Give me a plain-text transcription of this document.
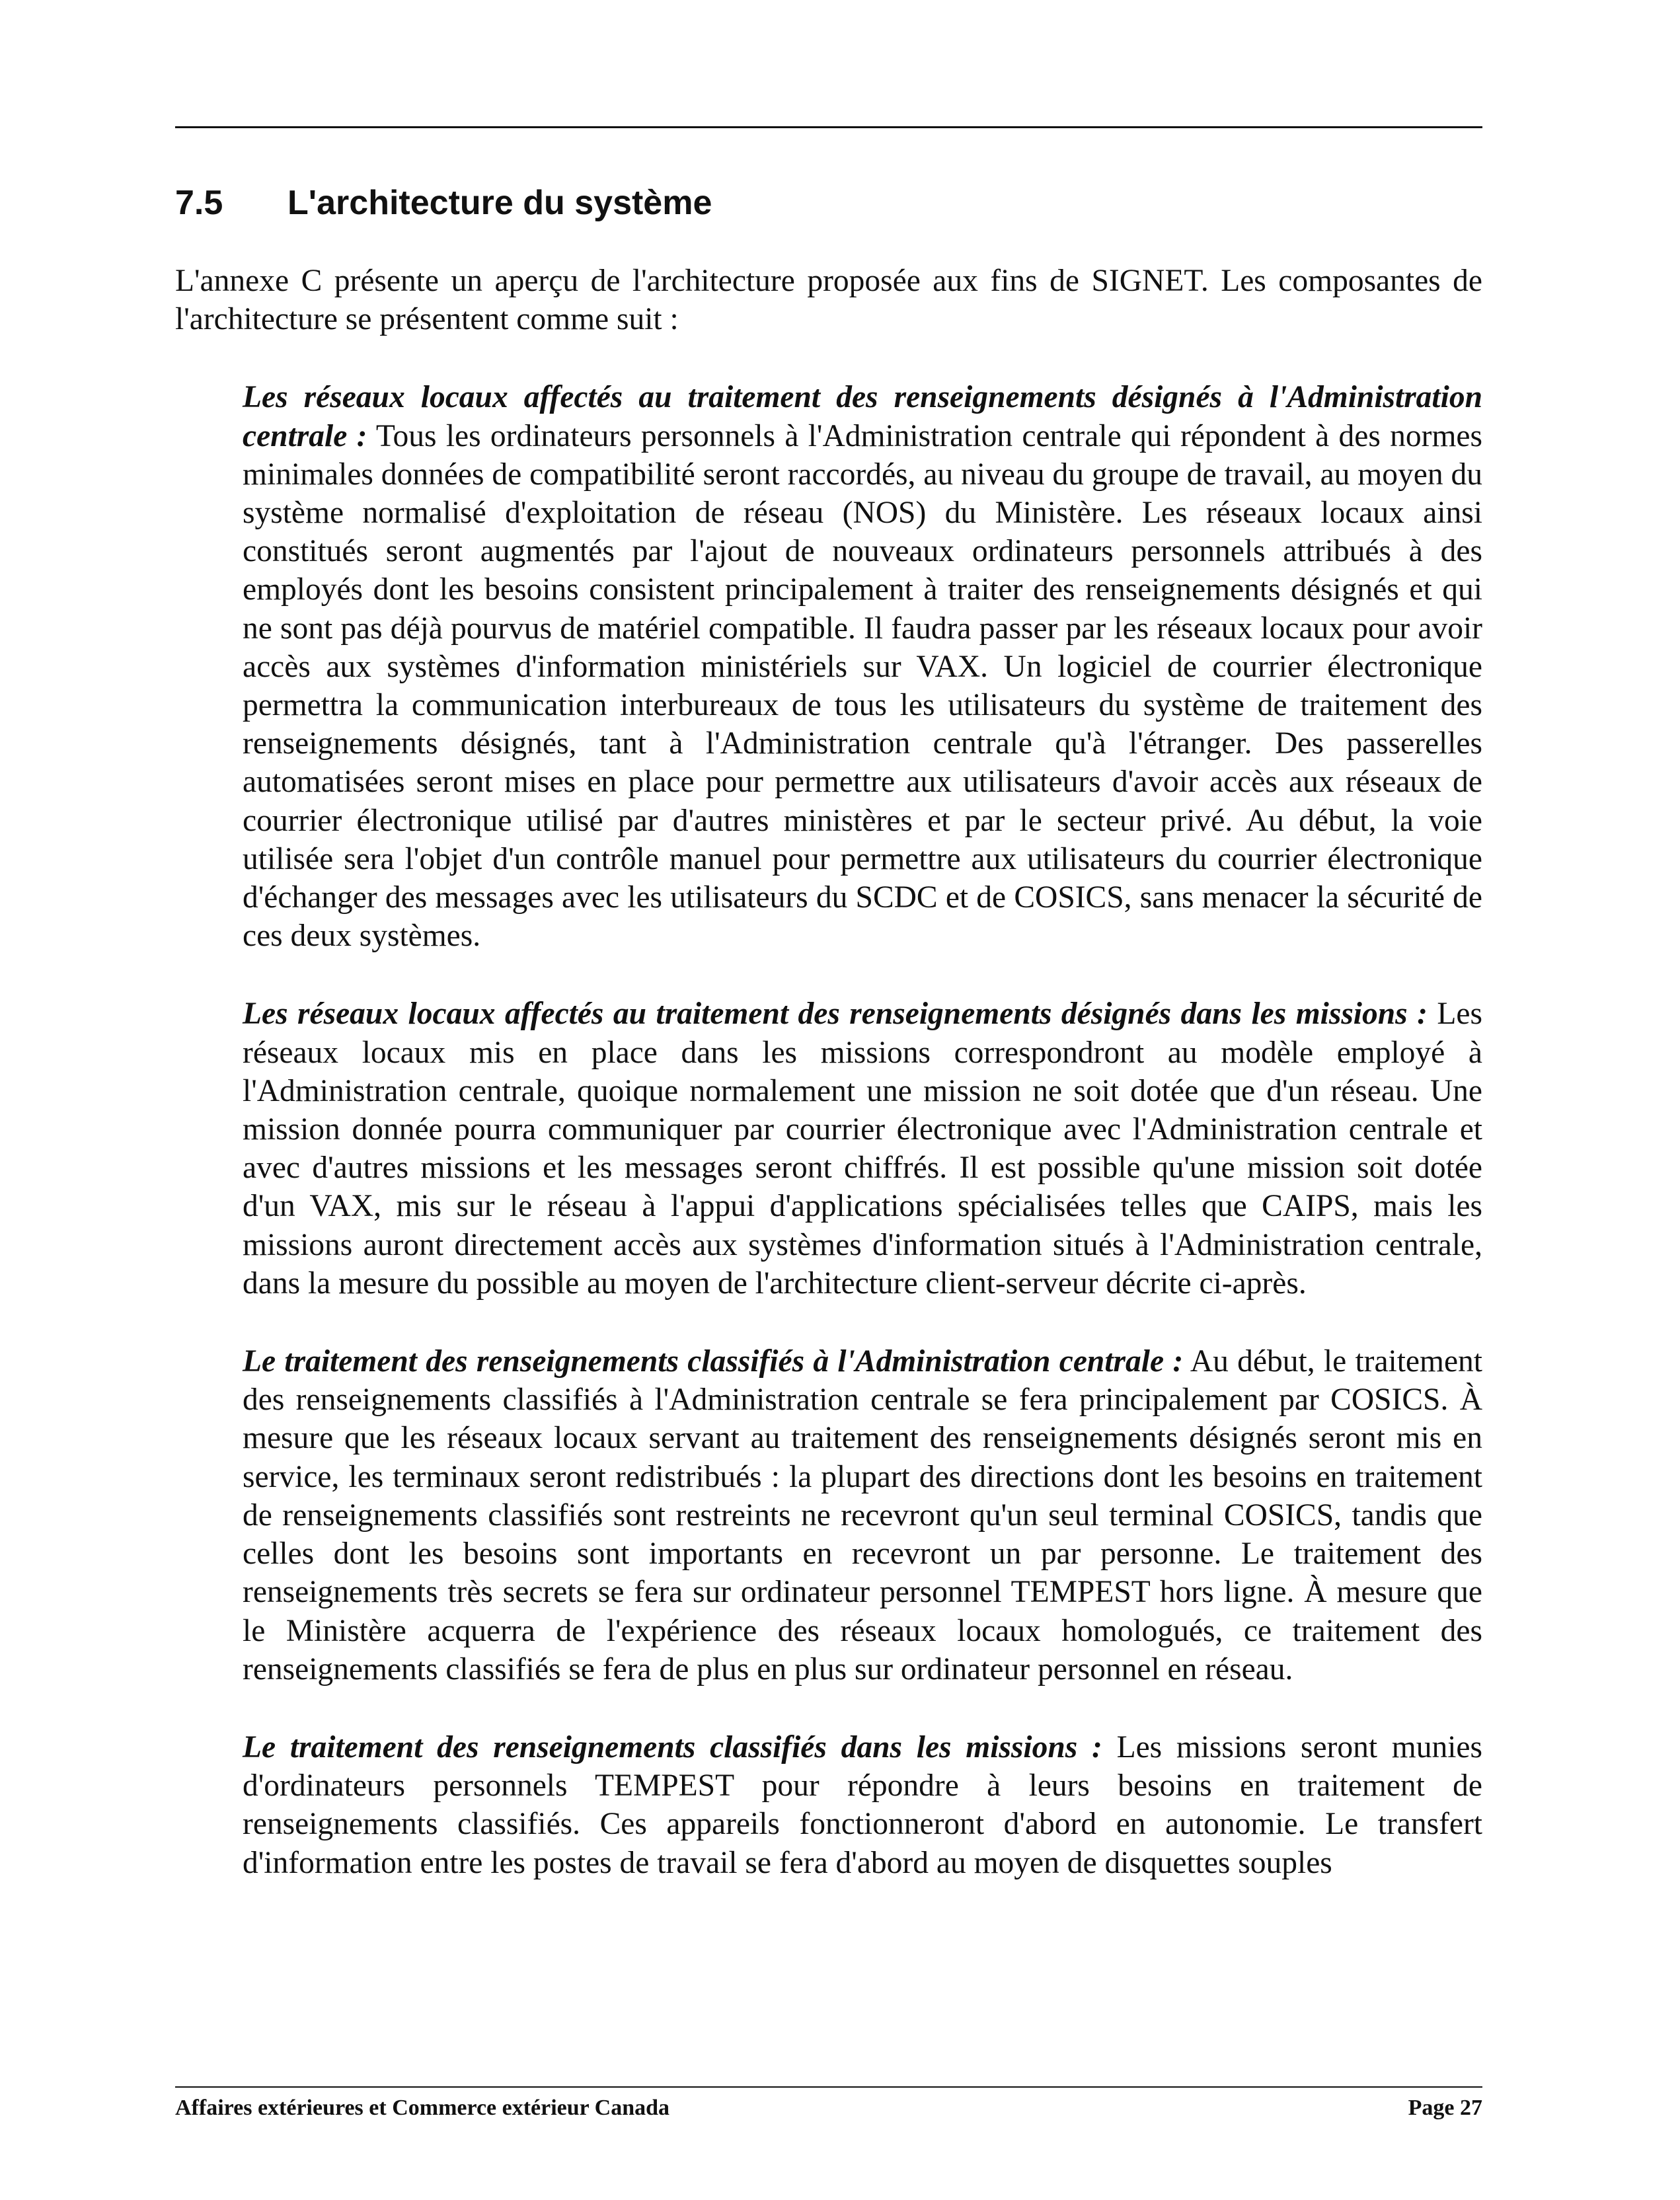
7.5 L'architecture du système

L'annexe C présente un aperçu de l'architecture proposée aux fins de SIGNET. Les composantes de l'architecture se présentent comme suit :

Les réseaux locaux affectés au traitement des renseignements désignés à l'Administration centrale : Tous les ordinateurs personnels à l'Administration centrale qui répondent à des normes minimales données de compatibilité seront raccordés, au niveau du groupe de travail, au moyen du système normalisé d'exploitation de réseau (NOS) du Ministère. Les réseaux locaux ainsi constitués seront augmentés par l'ajout de nouveaux ordinateurs personnels attribués à des employés dont les besoins consistent principalement à traiter des renseignements désignés et qui ne sont pas déjà pourvus de matériel compatible. Il faudra passer par les réseaux locaux pour avoir accès aux systèmes d'information ministériels sur VAX. Un logiciel de courrier électronique permettra la communication interbureaux de tous les utilisateurs du système de traitement des renseignements désignés, tant à l'Administration centrale qu'à l'étranger. Des passerelles automatisées seront mises en place pour permettre aux utilisateurs d'avoir accès aux réseaux de courrier électronique utilisé par d'autres ministères et par le secteur privé. Au début, la voie utilisée sera l'objet d'un contrôle manuel pour permettre aux utilisateurs du courrier électronique d'échanger des messages avec les utilisateurs du SCDC et de COSICS, sans menacer la sécurité de ces deux systèmes.

Les réseaux locaux affectés au traitement des renseignements désignés dans les missions : Les réseaux locaux mis en place dans les missions correspondront au modèle employé à l'Administration centrale, quoique normalement une mission ne soit dotée que d'un réseau. Une mission donnée pourra communiquer par courrier électronique avec l'Administration centrale et avec d'autres missions et les messages seront chiffrés. Il est possible qu'une mission soit dotée d'un VAX, mis sur le réseau à l'appui d'applications spécialisées telles que CAIPS, mais les missions auront directement accès aux systèmes d'information situés à l'Administration centrale, dans la mesure du possible au moyen de l'architecture client-serveur décrite ci-après.

Le traitement des renseignements classifiés à l'Administration centrale : Au début, le traitement des renseignements classifiés à l'Administration centrale se fera principalement par COSICS. À mesure que les réseaux locaux servant au traitement des renseignements désignés seront mis en service, les terminaux seront redistribués : la plupart des directions dont les besoins en traitement de renseignements classifiés sont restreints ne recevront qu'un seul terminal COSICS, tandis que celles dont les besoins sont importants en recevront un par personne. Le traitement des renseignements très secrets se fera sur ordinateur personnel TEMPEST hors ligne. À mesure que le Ministère acquerra de l'expérience des réseaux locaux homologués, ce traitement des renseignements classifiés se fera de plus en plus sur ordinateur personnel en réseau.

Le traitement des renseignements classifiés dans les missions : Les missions seront munies d'ordinateurs personnels TEMPEST pour répondre à leurs besoins en traitement de renseignements classifiés. Ces appareils fonctionneront d'abord en autonomie. Le transfert d'information entre les postes de travail se fera d'abord au moyen de disquettes souples

Affaires extérieures et Commerce extérieur Canada	Page 27
